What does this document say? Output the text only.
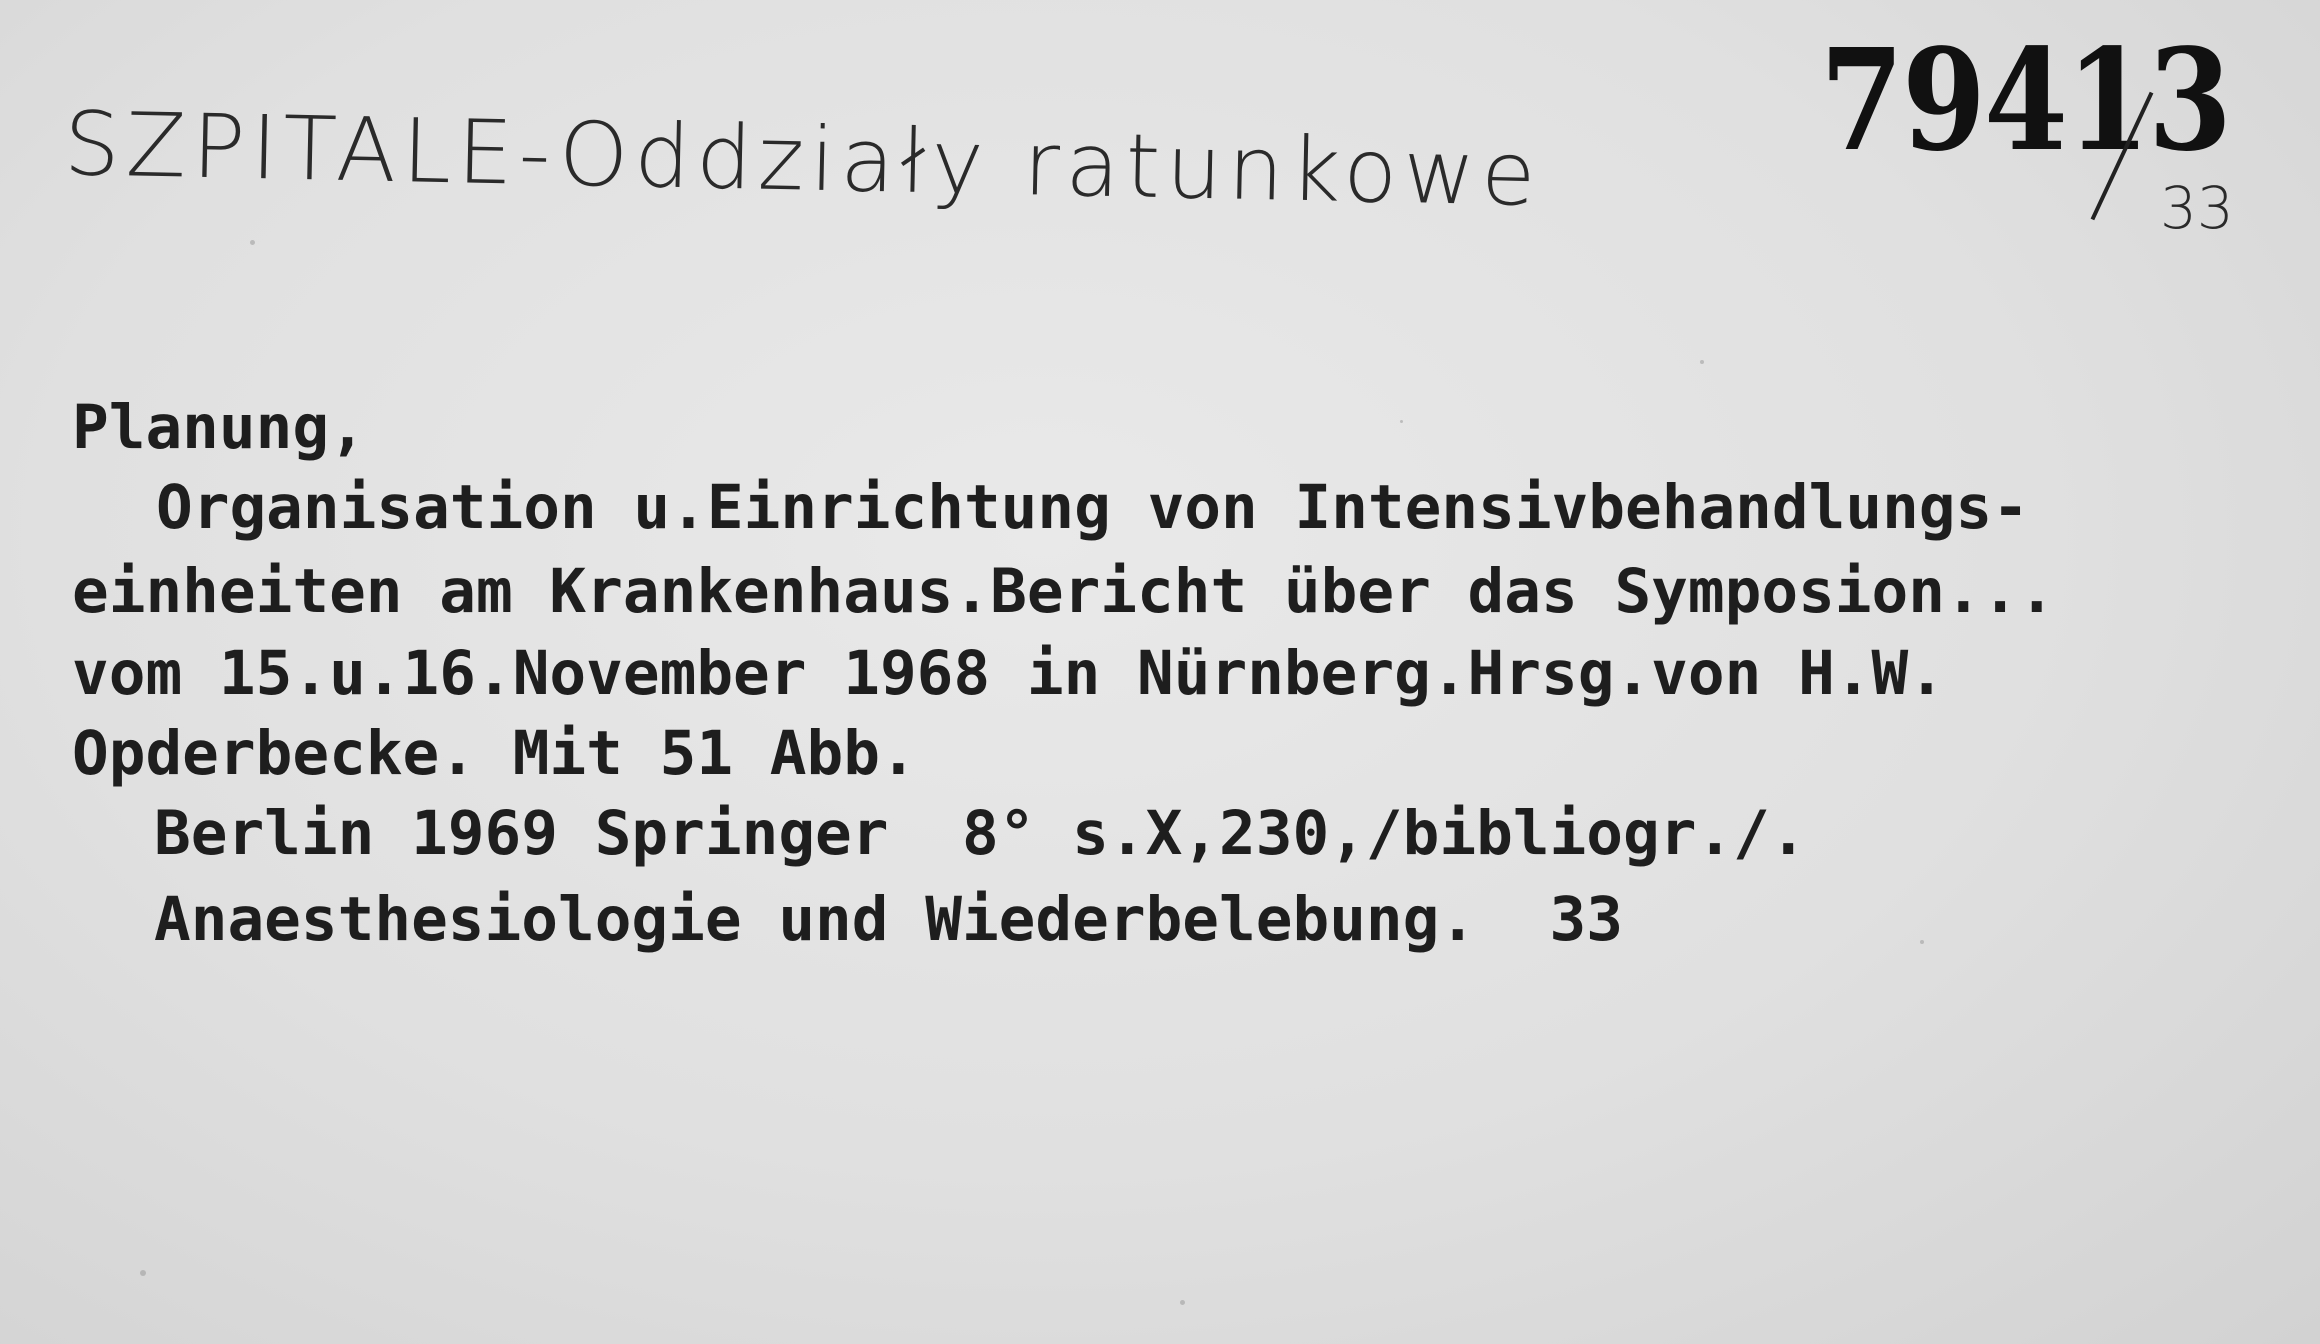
SZPITALE-Oddziały ratunkowe 79413
33
Planung,
Organisation u.Einrichtung von Intensivbehandlungs-
einheiten am Krankenhaus.Bericht über das Symposion...
vom 15.u.16.November 1968 in Nürnberg.Hrsg.von H.W.
Opderbecke. Mit 51 Abb.
Berlin 1969 Springer  8° s.X,230,/bibliogr./.
Anaesthesiologie und Wiederbelebung.  33
